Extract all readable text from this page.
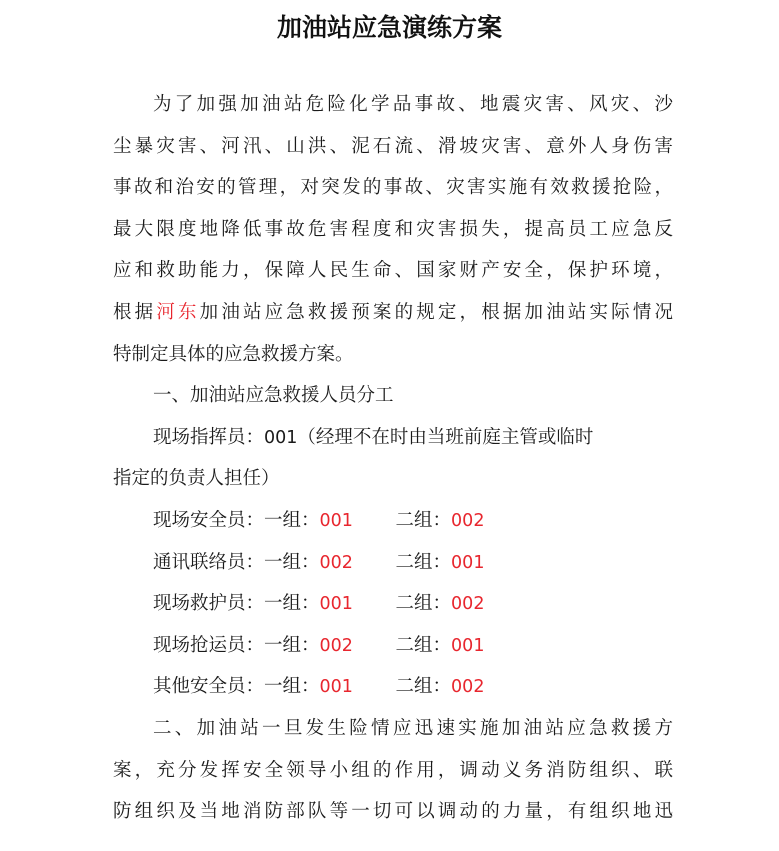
加油站应急演练方案
为了加强加油站危险化学品事故、地震灾害、风灾、沙
尘暴灾害、河汛、山洪、泥石流、滑坡灾害、意外人身伤害
事故和治安的管理，对突发的事故、灾害实施有效救援抢险，
最大限度地降低事故危害程度和灾害损失，提高员工应急反
应和救助能力，保障人民生命、国家财产安全，保护环境，
根据河东加油站应急救援预案的规定，根据加油站实际情况
特制定具体的应急救援方案。
一、加油站应急救援人员分工
现场指挥员：001（经理不在时由当班前庭主管或临时
指定的负责人担任）
现场安全员：一组：001 二组：002
通讯联络员：一组：002 二组：001
现场救护员：一组：001 二组：002
现场抢运员：一组：002 二组：001
其他安全员：一组：001 二组：002
二、加油站一旦发生险情应迅速实施加油站应急救援方
案，充分发挥安全领导小组的作用，调动义务消防组织、联
防组织及当地消防部队等一切可以调动的力量，有组织地迅
